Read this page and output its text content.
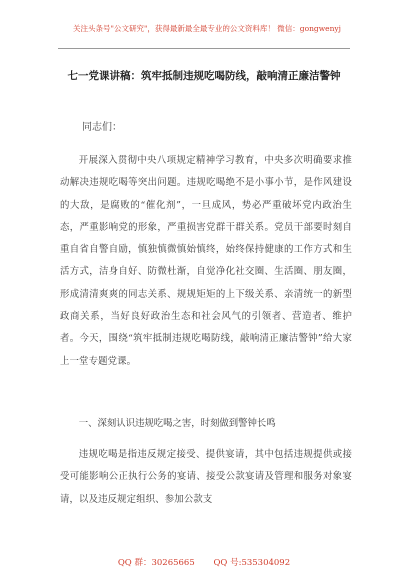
关注头条号"公文研究"，获得最新最全最专业的公文资料库！ 微信：gongwenyj
七一党课讲稿：筑牢抵制违规吃喝防线，敲响清正廉洁警钟
同志们：
开展深入贯彻中央八项规定精神学习教育，中央多次明确要求推动解决违规吃喝等突出问题。违规吃喝绝不是小事小节，是作风建设的大敌，是腐败的“催化剂”，一旦成风，势必严重破坏党内政治生态，严重影响党的形象，严重损害党群干群关系。党员干部要时刻自重自省自警自励，慎独慎微慎始慎终，始终保持健康的工作方式和生活方式，洁身自好、防微杜渐，自觉净化社交圈、生活圈、朋友圈，形成清清爽爽的同志关系、规规矩矩的上下级关系、亲清统一的新型政商关系，当好良好政治生态和社会风气的引领者、营造者、维护者。今天，围绕“筑牢抵制违规吃喝防线，敲响清正廉洁警钟”给大家上一堂专题党课。
一、深刻认识违规吃喝之害，时刻做到警钟长鸣
违规吃喝是指违反规定接受、提供宴请，其中包括违规提供或接受可能影响公正执行公务的宴请、接受公款宴请及管理和服务对象宴请，以及违反规定组织、参加公款支
QQ 群：30265665 QQ 号:535304092
